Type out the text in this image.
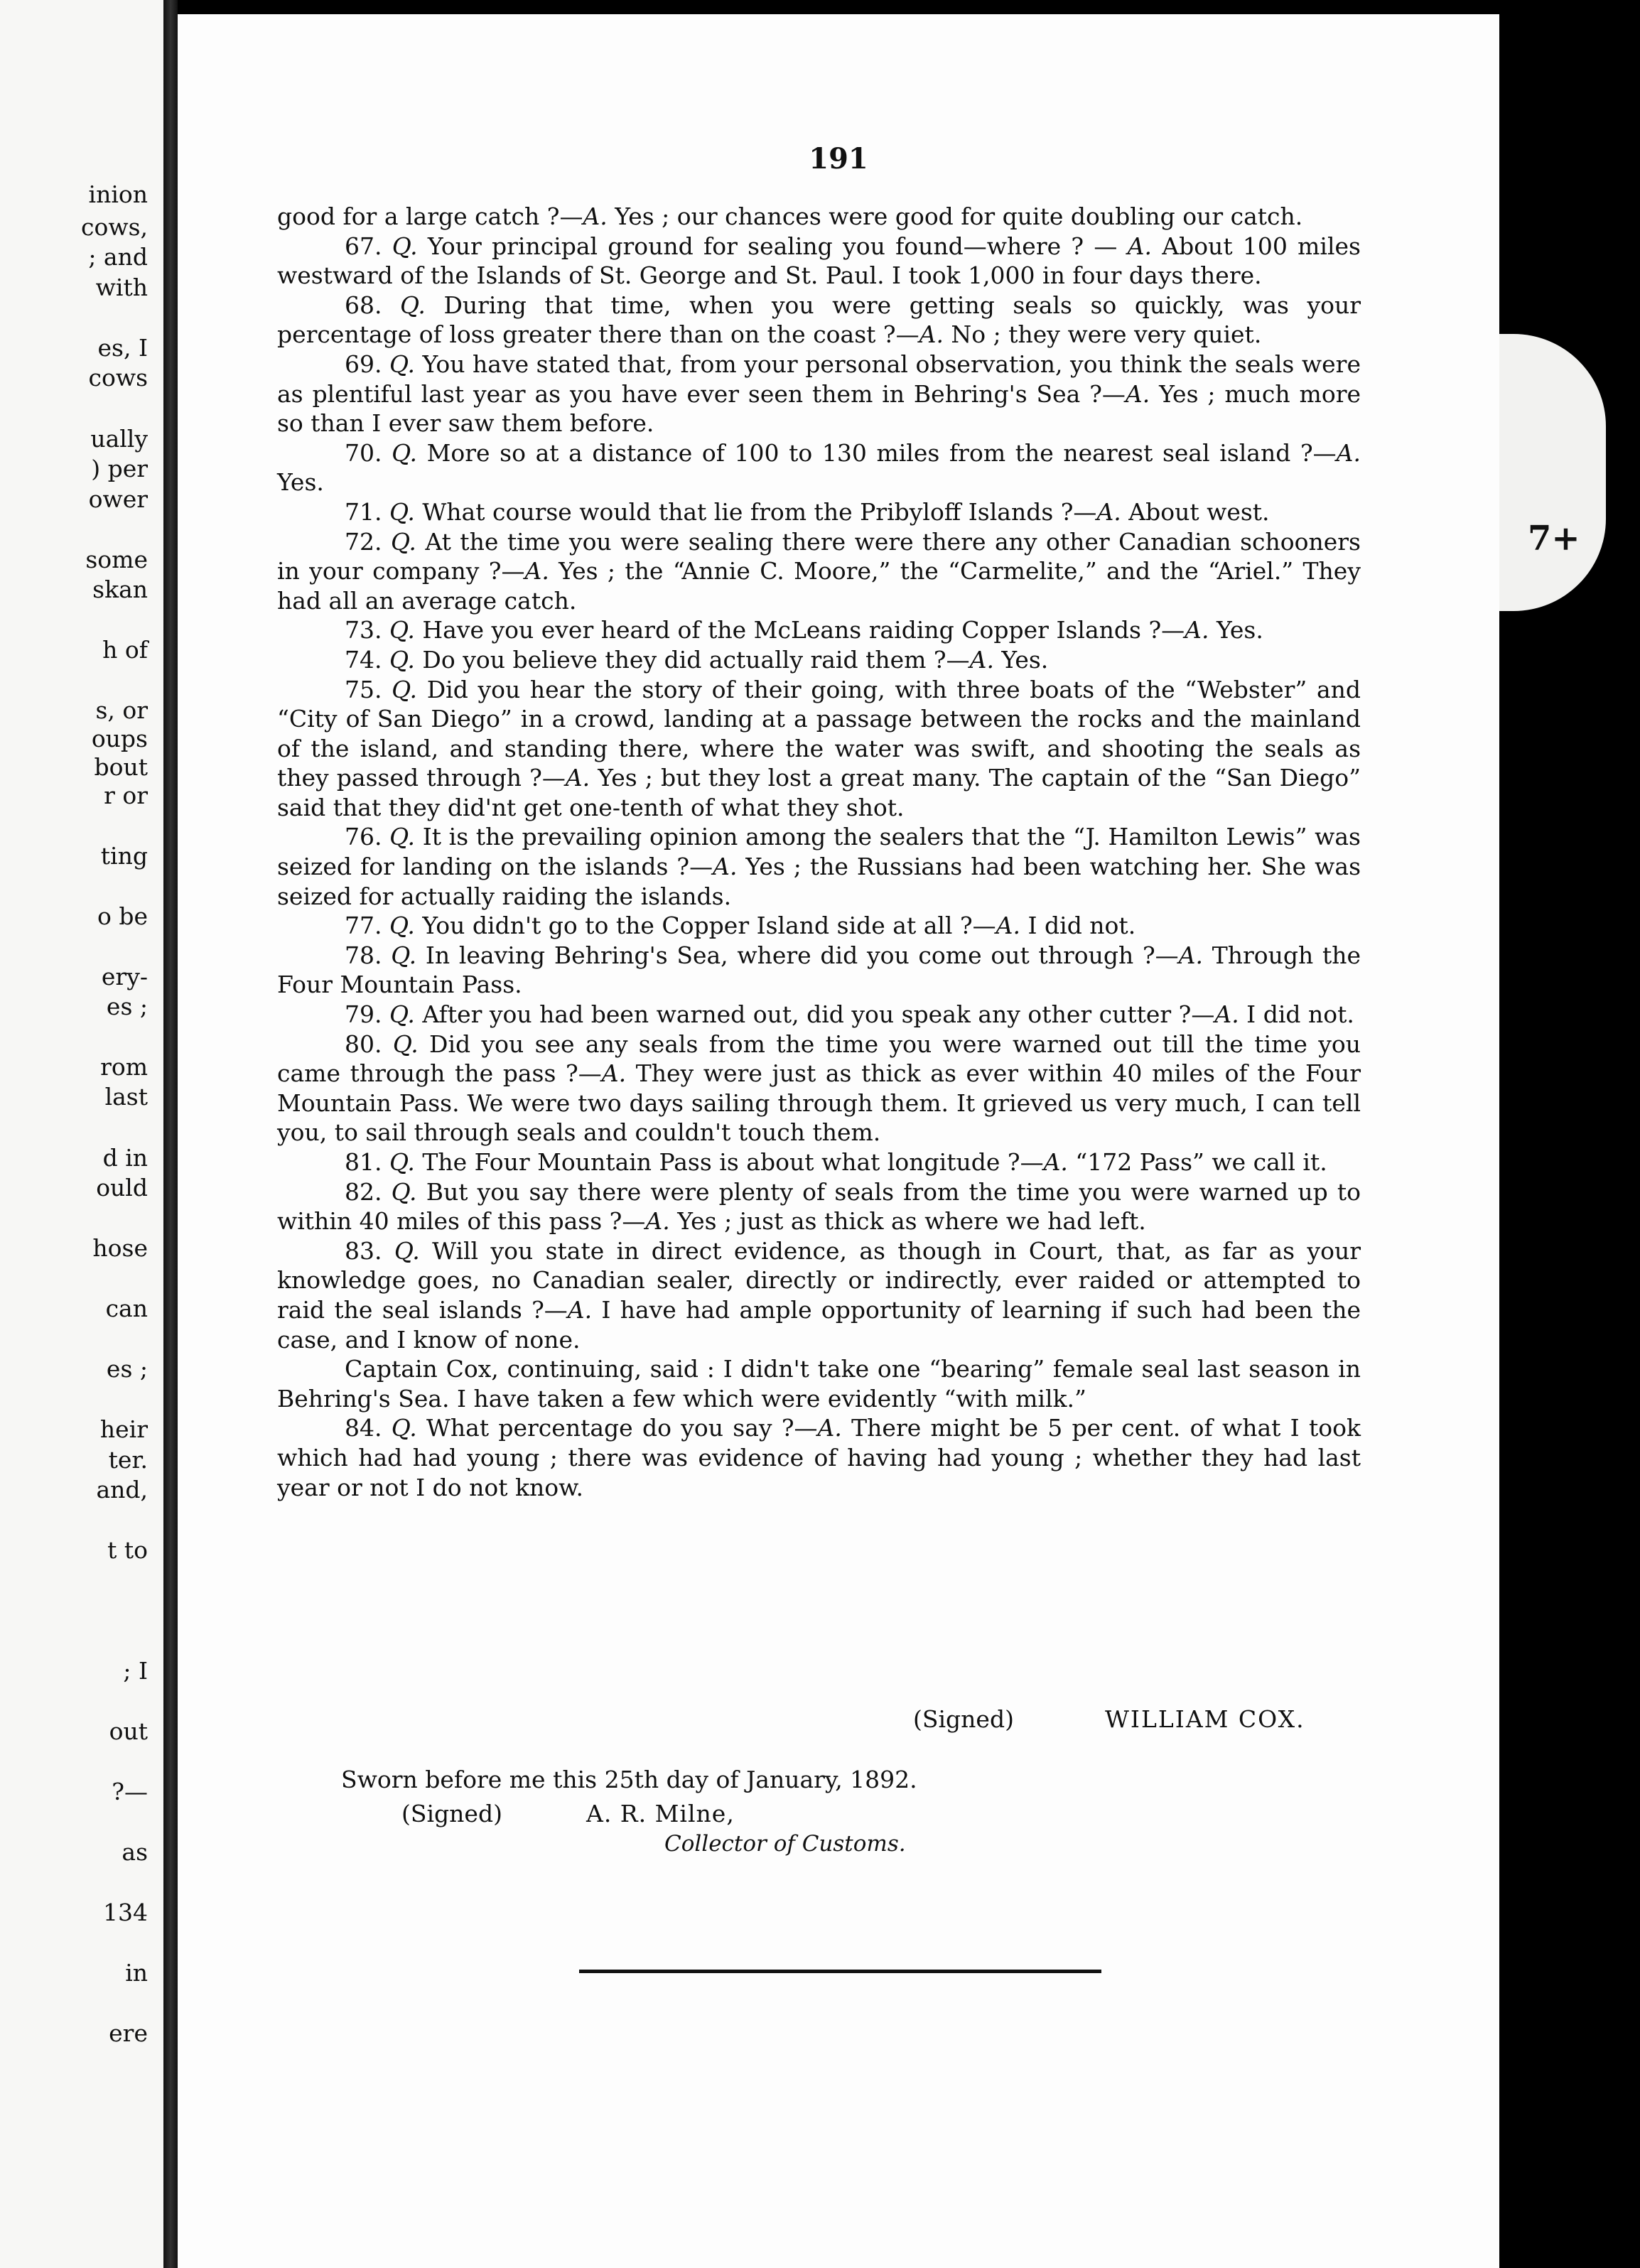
inion
cows,
; and
with
es, I
cows
ually
) per
ower
some
skan
h of
s, or
oups
bout
r or
ting
o be
ery-
es ;
rom
last
d in
ould
hose
can
es ;
heir
ter.
and,
t to
; I
out
?—
as
134
in
ere
191

good for a large catch ?—A. Yes ; our chances were good for quite doubling our catch.

67. Q. Your principal ground for sealing you found—where ? — A. About 100 miles westward of the Islands of St. George and St. Paul. I took 1,000 in four days there.

68. Q. During that time, when you were getting seals so quickly, was your percentage of loss greater there than on the coast ?—A. No ; they were very quiet.

69. Q. You have stated that, from your personal observation, you think the seals were as plentiful last year as you have ever seen them in Behring's Sea ?—A. Yes ; much more so than I ever saw them before.

70. Q. More so at a distance of 100 to 130 miles from the nearest seal island ?—A. Yes.

71. Q. What course would that lie from the Pribyloff Islands ?—A. About west.

72. Q. At the time you were sealing there were there any other Canadian schooners in your company ?—A. Yes ; the “Annie C. Moore,” the “Carmelite,” and the “Ariel.” They had all an average catch.

73. Q. Have you ever heard of the McLeans raiding Copper Islands ?—A. Yes.

74. Q. Do you believe they did actually raid them ?—A. Yes.

75. Q. Did you hear the story of their going, with three boats of the “Webster” and “City of San Diego” in a crowd, landing at a passage between the rocks and the mainland of the island, and standing there, where the water was swift, and shooting the seals as they passed through ?—A. Yes ; but they lost a great many. The captain of the “San Diego” said that they did'nt get one-tenth of what they shot.

76. Q. It is the prevailing opinion among the sealers that the “J. Hamilton Lewis” was seized for landing on the islands ?—A. Yes ; the Russians had been watching her. She was seized for actually raiding the islands.

77. Q. You didn't go to the Copper Island side at all ?—A. I did not.

78. Q. In leaving Behring's Sea, where did you come out through ?—A. Through the Four Mountain Pass.

79. Q. After you had been warned out, did you speak any other cutter ?—A. I did not.

80. Q. Did you see any seals from the time you were warned out till the time you came through the pass ?—A. They were just as thick as ever within 40 miles of the Four Mountain Pass. We were two days sailing through them. It grieved us very much, I can tell you, to sail through seals and couldn't touch them.

81. Q. The Four Mountain Pass is about what longitude ?—A. “172 Pass” we call it.

82. Q. But you say there were plenty of seals from the time you were warned up to within 40 miles of this pass ?—A. Yes ; just as thick as where we had left.

83. Q. Will you state in direct evidence, as though in Court, that, as far as your knowledge goes, no Canadian sealer, directly or indirectly, ever raided or attempted to raid the seal islands ?—A. I have had ample opportunity of learning if such had been the case, and I know of none.

Captain Cox, continuing, said : I didn't take one “bearing” female seal last season in Behring's Sea. I have taken a few which were evidently “with milk.”

84. Q. What percentage do you say ?—A. There might be 5 per cent. of what I took which had had young ; there was evidence of having had young ; whether they had last year or not I do not know.

(Signed)	WILLIAM COX.
Sworn before me this 25th day of January, 1892.
(Signed)	A. R. Milne,
Collector of Customs.
7+
